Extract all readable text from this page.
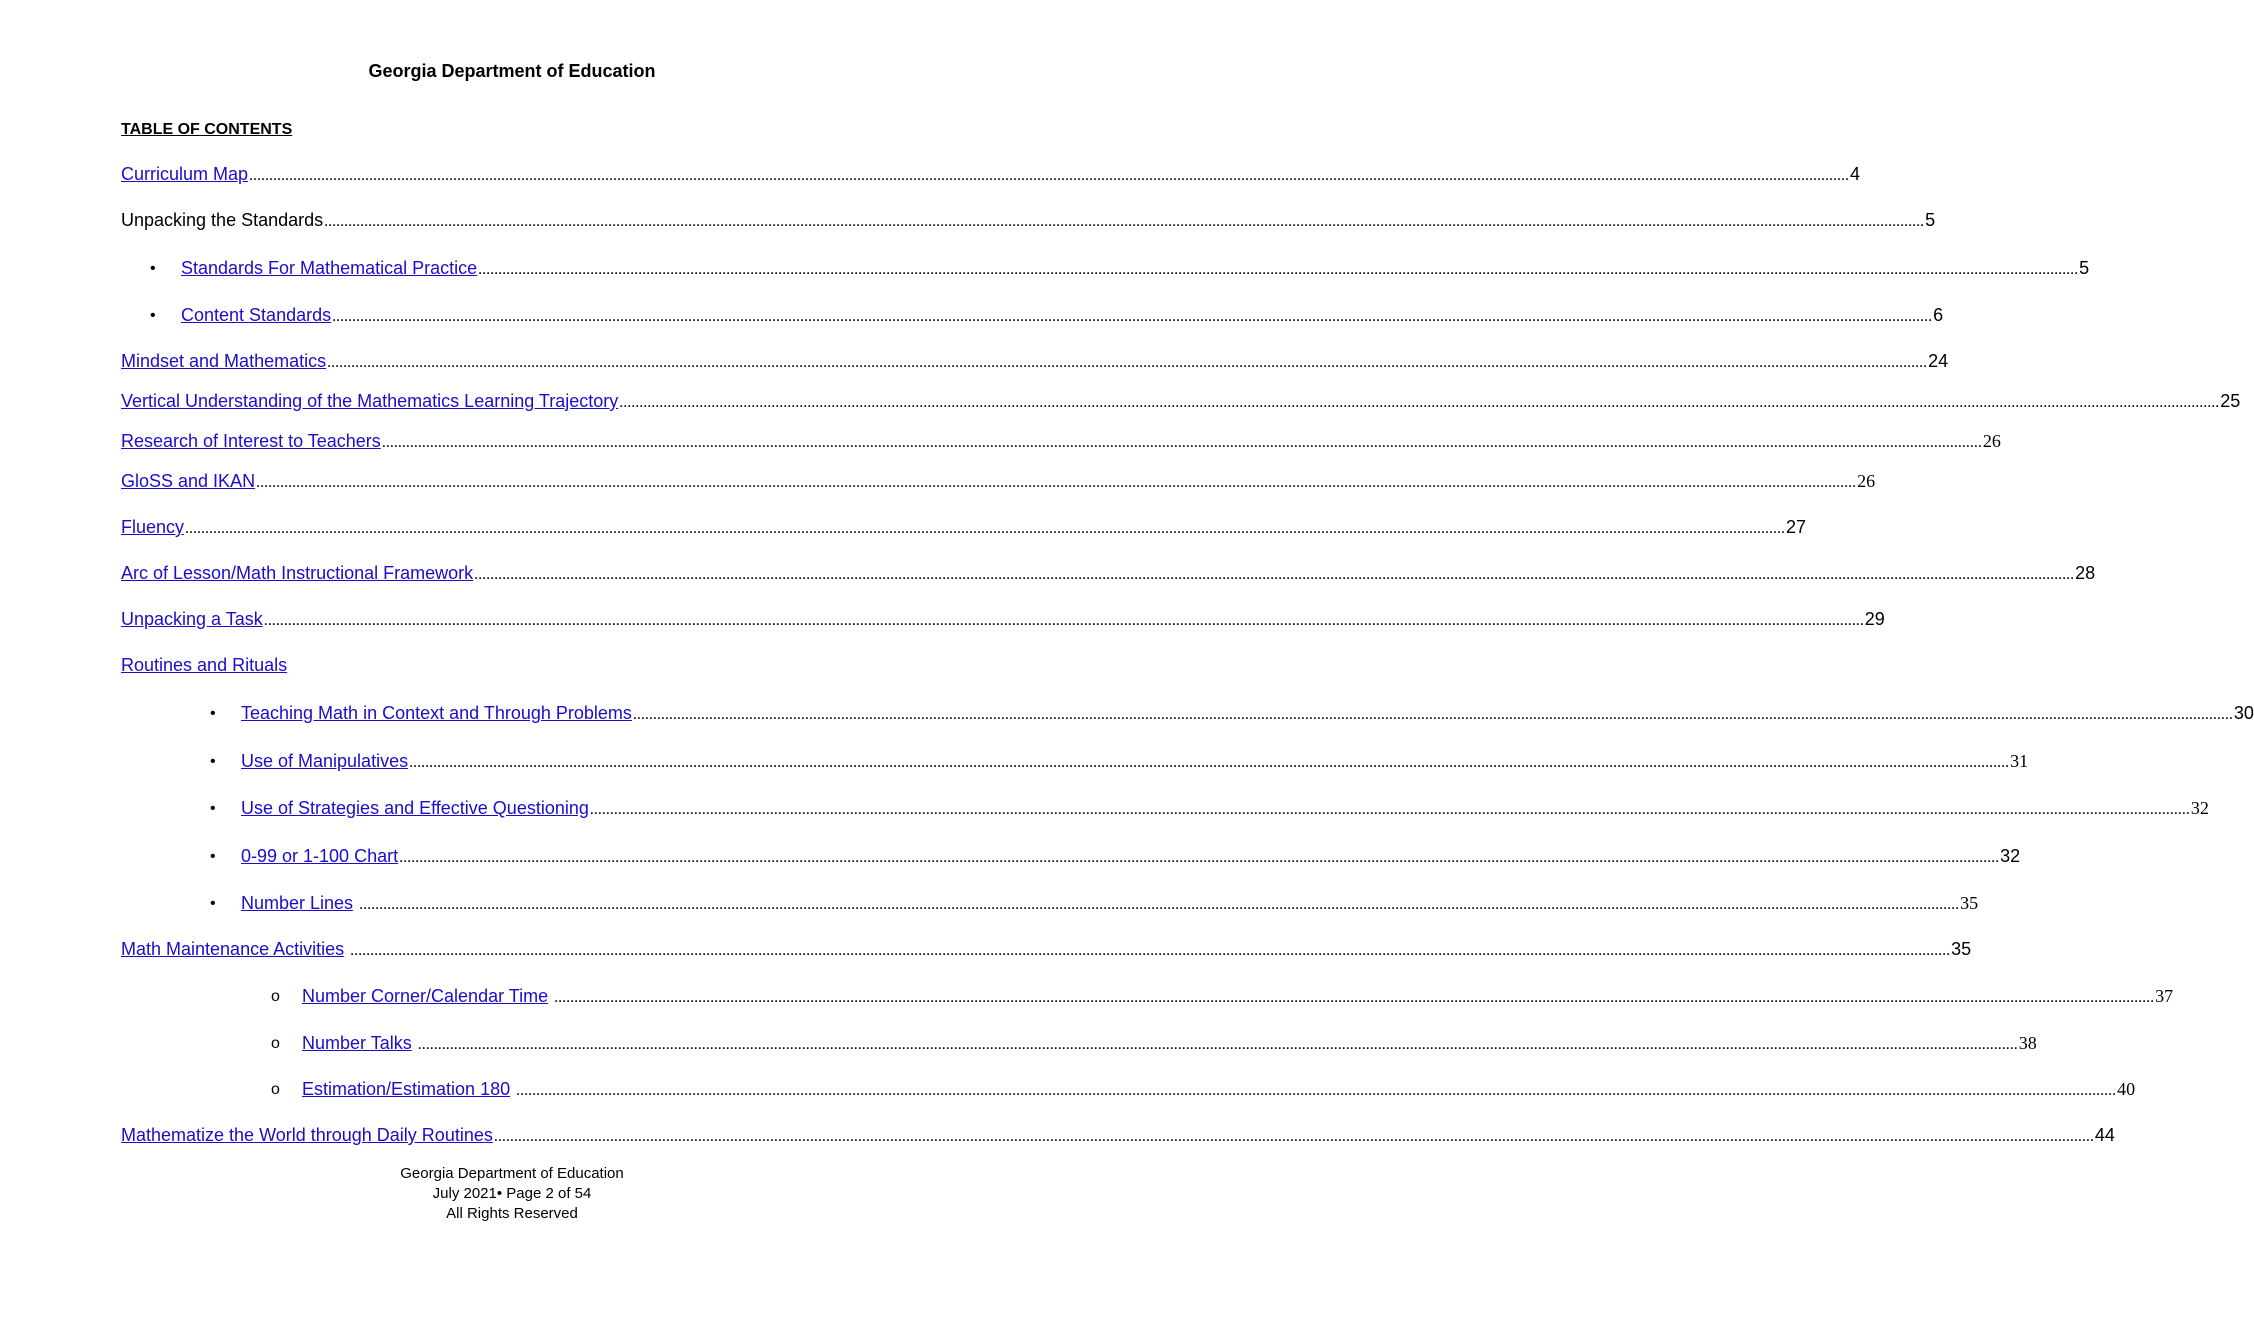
Georgia Department of Education
TABLE OF CONTENTS
Curriculum Map ................................................................................................................................................................................................................................................................................................................................................................................................................ 4
Unpacking the Standards ................................................................................................................................................................................................................................................................................................................................................................................................................ 5
• Standards For Mathematical Practice ................................................................................................................................................................................................................................................................................................................................................................................................................ 5
• Content Standards ................................................................................................................................................................................................................................................................................................................................................................................................................ 6
Mindset and Mathematics ................................................................................................................................................................................................................................................................................................................................................................................................................ 24
Vertical Understanding of the Mathematics Learning Trajectory ................................................................................................................................................................................................................................................................................................................................................................................................................ 25
Research of Interest to Teachers ................................................................................................................................................................................................................................................................................................................................................................................................................ 26
GloSS and IKAN ................................................................................................................................................................................................................................................................................................................................................................................................................ 26
Fluency ................................................................................................................................................................................................................................................................................................................................................................................................................ 27
Arc of Lesson/Math Instructional Framework ................................................................................................................................................................................................................................................................................................................................................................................................................ 28
Unpacking a Task ................................................................................................................................................................................................................................................................................................................................................................................................................ 29
Routines and Rituals
• Teaching Math in Context and Through Problems ................................................................................................................................................................................................................................................................................................................................................................................................................ 30
• Use of Manipulatives ................................................................................................................................................................................................................................................................................................................................................................................................................ 31
• Use of Strategies and Effective Questioning ................................................................................................................................................................................................................................................................................................................................................................................................................ 32
• 0-99 or 1-100 Chart ................................................................................................................................................................................................................................................................................................................................................................................................................ 32
• Number Lines ................................................................................................................................................................................................................................................................................................................................................................................................................ 35
Math Maintenance Activities ................................................................................................................................................................................................................................................................................................................................................................................................................ 35
o Number Corner/Calendar Time ................................................................................................................................................................................................................................................................................................................................................................................................................ 37
o Number Talks ................................................................................................................................................................................................................................................................................................................................................................................................................ 38
o Estimation/Estimation 180 ................................................................................................................................................................................................................................................................................................................................................................................................................ 40
Mathematize the World through Daily Routines ................................................................................................................................................................................................................................................................................................................................................................................................................ 44
Georgia Department of Education
July 2021• Page 2 of 54
All Rights Reserved
